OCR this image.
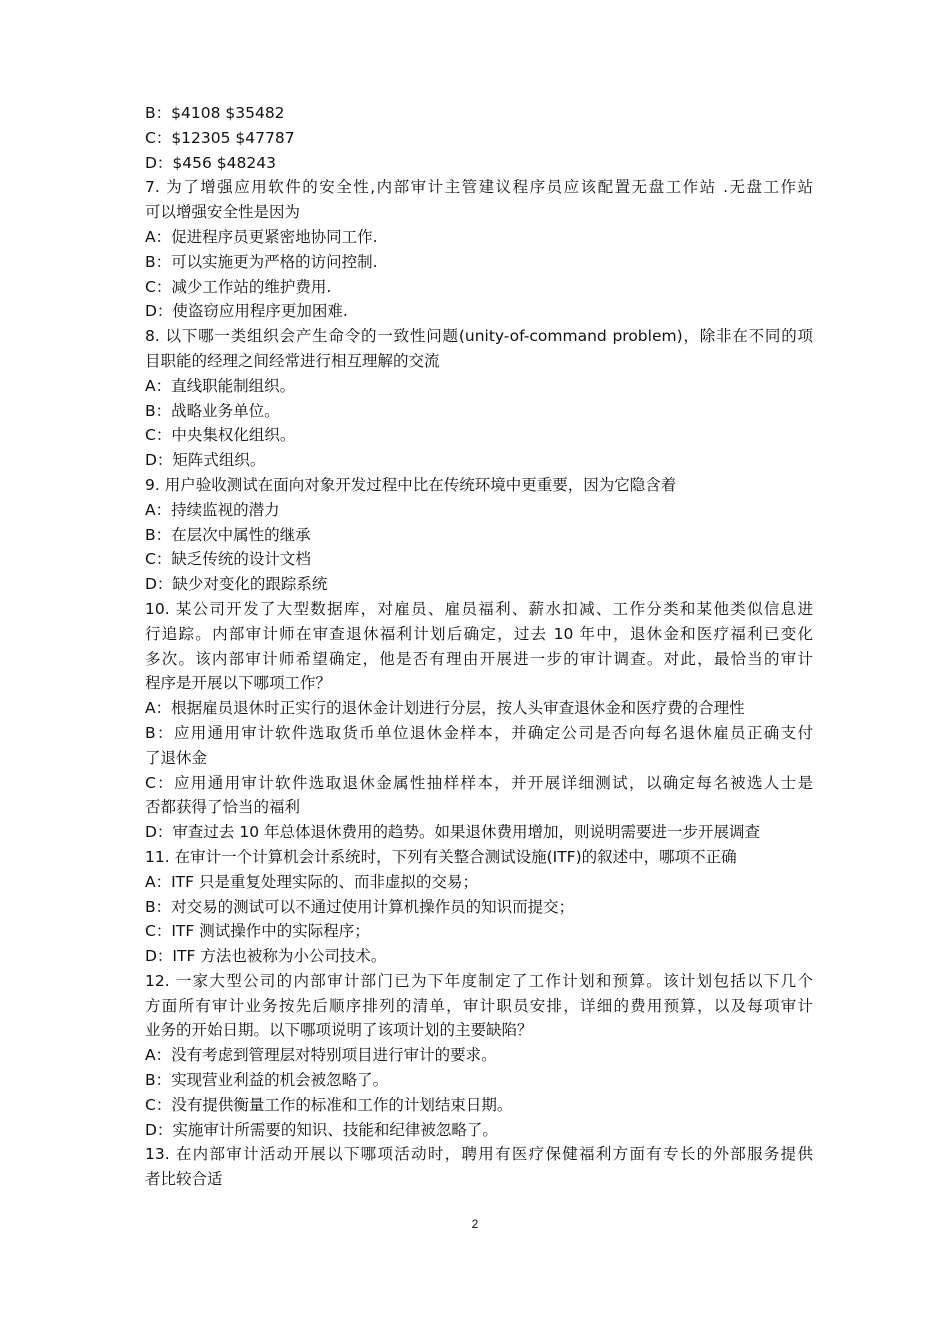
B：$4108 $35482
C：$12305 $47787
D：$456 $48243
7. 为了增强应用软件的安全性,内部审计主管建议程序员应该配置无盘工作站 .无盘工作站
可以增强安全性是因为
A：促进程序员更紧密地协同工作.
B：可以实施更为严格的访问控制.
C：减少工作站的维护费用.
D：使盗窃应用程序更加困难.
8. 以下哪一类组织会产生命令的一致性问题(unity-of-command problem)，除非在不同的项
目职能的经理之间经常进行相互理解的交流
A：直线职能制组织。
B：战略业务单位。
C：中央集权化组织。
D：矩阵式组织。
9. 用户验收测试在面向对象开发过程中比在传统环境中更重要，因为它隐含着
A：持续监视的潜力
B：在层次中属性的继承
C：缺乏传统的设计文档
D：缺少对变化的跟踪系统
10. 某公司开发了大型数据库，对雇员、雇员福利、薪水扣减、工作分类和某他类似信息进
行追踪。内部审计师在审查退休福利计划后确定，过去 10 年中，退休金和医疗福利已变化
多次。该内部审计师希望确定，他是否有理由开展进一步的审计调查。对此，最恰当的审计
程序是开展以下哪项工作？
A：根据雇员退休时正实行的退休金计划进行分层，按人头审查退休金和医疗费的合理性
B：应用通用审计软件选取货币单位退休金样本，并确定公司是否向每名退休雇员正确支付
了退休金
C：应用通用审计软件选取退休金属性抽样样本，并开展详细测试，以确定每名被选人士是
否都获得了恰当的福利
D：审查过去 10 年总体退休费用的趋势。如果退休费用增加，则说明需要进一步开展调查
11. 在审计一个计算机会计系统时，下列有关整合测试设施(ITF)的叙述中，哪项不正确
A：ITF 只是重复处理实际的、而非虚拟的交易；
B：对交易的测试可以不通过使用计算机操作员的知识而提交；
C：ITF 测试操作中的实际程序；
D：ITF 方法也被称为小公司技术。
12. 一家大型公司的内部审计部门已为下年度制定了工作计划和预算。该计划包括以下几个
方面所有审计业务按先后顺序排列的清单，审计职员安排，详细的费用预算，以及每项审计
业务的开始日期。以下哪项说明了该项计划的主要缺陷？
A：没有考虑到管理层对特别项目进行审计的要求。
B：实现营业利益的机会被忽略了。
C：没有提供衡量工作的标准和工作的计划结束日期。
D：实施审计所需要的知识、技能和纪律被忽略了。
13. 在内部审计活动开展以下哪项活动时，聘用有医疗保健福利方面有专长的外部服务提供
者比较合适
2
